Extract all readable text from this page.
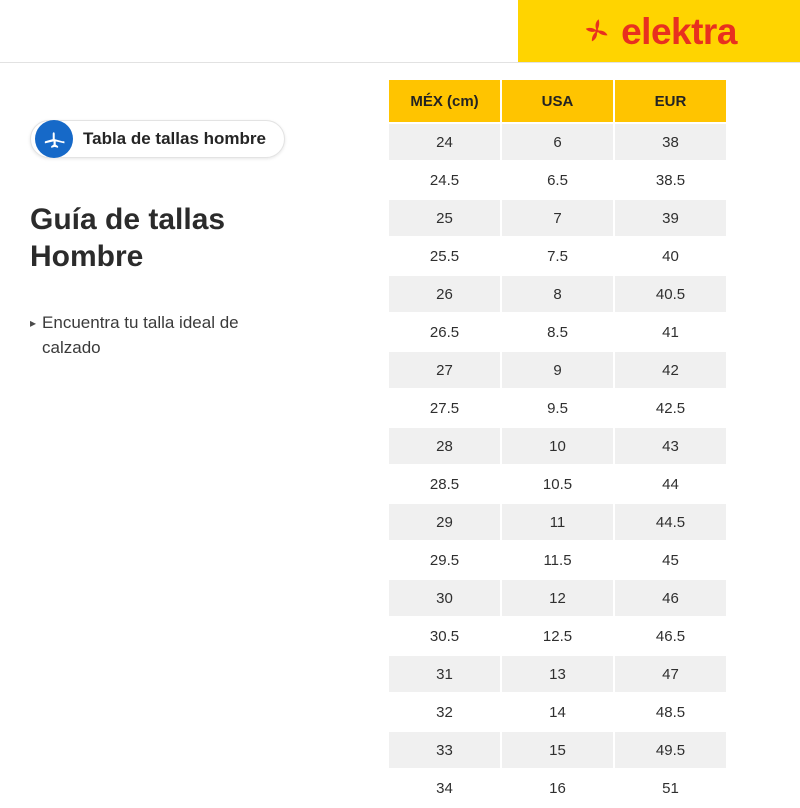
elektra
Tabla de tallas hombre
Guía de tallas Hombre
▸ Encuentra tu talla ideal de calzado
MÉX (cm)	USA	EUR
24	6	38
24.5	6.5	38.5
25	7	39
25.5	7.5	40
26	8	40.5
26.5	8.5	41
27	9	42
27.5	9.5	42.5
28	10	43
28.5	10.5	44
29	11	44.5
29.5	11.5	45
30	12	46
30.5	12.5	46.5
31	13	47
32	14	48.5
33	15	49.5
34	16	51
